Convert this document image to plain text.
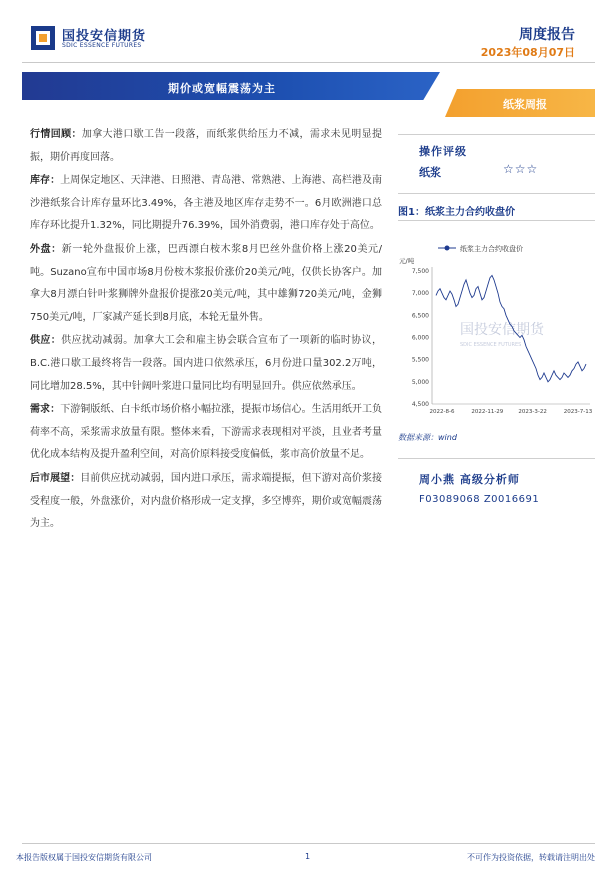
国投安信期货
SDIC ESSENCE FUTURES
周度报告
2023年08月07日
期价或宽幅震荡为主
纸浆周报

行情回顾：加拿大港口歇工告一段落，而纸浆供给压力不减，需求未见明显提振，期价再度回落。

库存：上周保定地区、天津港、日照港、青岛港、常熟港、上海港、高栏港及南沙港纸浆合计库存量环比3.49%，各主港及地区库存走势不一。6月欧洲港口总库存环比提升1.32%，同比期提升76.39%，国外消费弱，港口库存处于高位。

外盘：新一轮外盘报价上涨，巴西漂白桉木浆8月巴丝外盘价格上涨20美元/吨。Suzano宣布中国市场8月份桉木浆报价涨价20美元/吨，仅供长协客户。加拿大8月漂白针叶浆狮牌外盘报价提涨20美元/吨，其中雄狮720美元/吨，金狮750美元/吨，厂家减产延长到8月底，本轮无量外售。

供应：供应扰动减弱。加拿大工会和雇主协会联合宣布了一项新的临时协议，B.C.港口歇工最终将告一段落。国内进口依然承压，6月份进口量302.2万吨，同比增加28.5%，其中针阔叶浆进口量同比均有明显回升。供应依然承压。

需求：下游铜版纸、白卡纸市场价格小幅拉涨，提振市场信心。生活用纸开工负荷率不高，采浆需求放量有限。整体来看，下游需求表现相对平淡，且业者考量优化成本结构及提升盈利空间，对高价原料接受度偏低，浆市高价放量不足。

后市展望：目前供应扰动减弱，国内进口承压，需求端提振，但下游对高价浆接受程度一般，外盘涨价，对内盘价格形成一定支撑，多空博弈，期价或宽幅震荡为主。

操作评级
纸浆	☆☆☆
图1：纸浆主力合约收盘价
国投安信期货
SDIC ESSENCE FUTURES
4,500
5,000
5,500
6,000
6,500
7,000
7,500
2022-8-6	2022-11-29	2023-3-22	2023-7-13
纸浆主力合约收盘价
元/吨
数据来源：wind
周小燕 高级分析师
F03089068 Z0016691
本报告版权属于国投安信期货有限公司	1	不可作为投资依据，转载请注明出处
